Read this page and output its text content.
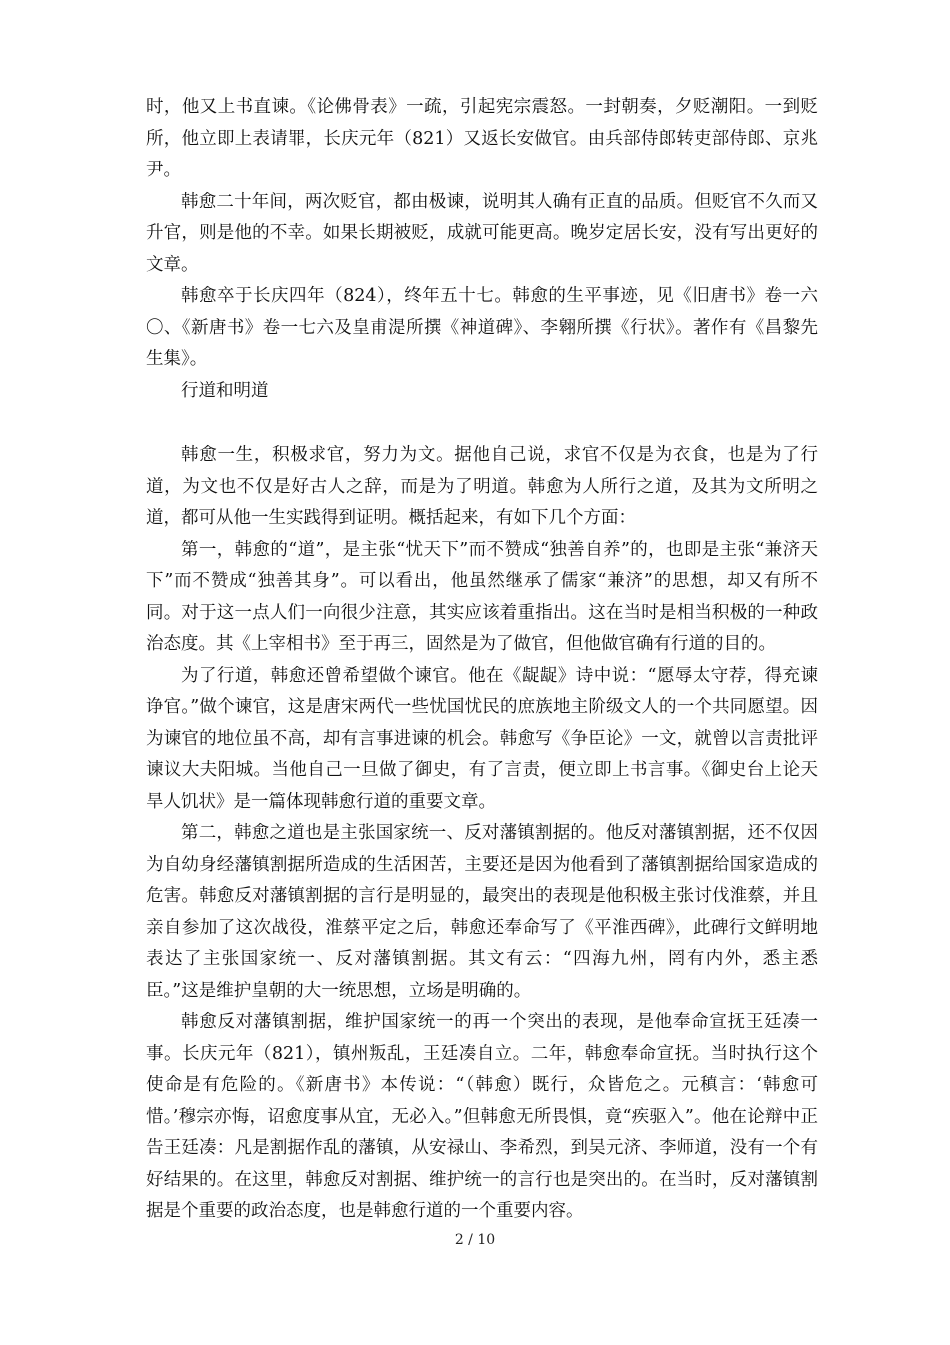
时，他又上书直谏。《论佛骨表》一疏，引起宪宗震怒。一封朝奏，夕贬潮阳。一到贬所，他立即上表请罪，长庆元年（821）又返长安做官。由兵部侍郎转吏部侍郎、京兆尹。

韩愈二十年间，两次贬官，都由极谏，说明其人确有正直的品质。但贬官不久而又升官，则是他的不幸。如果长期被贬，成就可能更高。晚岁定居长安，没有写出更好的文章。

韩愈卒于长庆四年（824），终年五十七。韩愈的生平事迹，见《旧唐书》卷一六〇、《新唐书》卷一七六及皇甫湜所撰《神道碑》、李翱所撰《行状》。著作有《昌黎先生集》。

行道和明道

韩愈一生，积极求官，努力为文。据他自己说，求官不仅是为衣食，也是为了行道，为文也不仅是好古人之辞，而是为了明道。韩愈为人所行之道，及其为文所明之道，都可从他一生实践得到证明。概括起来，有如下几个方面：

第一，韩愈的“道”，是主张“忧天下”而不赞成“独善自养”的，也即是主张“兼济天下”而不赞成“独善其身”。可以看出，他虽然继承了儒家“兼济”的思想，却又有所不同。对于这一点人们一向很少注意，其实应该着重指出。这在当时是相当积极的一种政治态度。其《上宰相书》至于再三，固然是为了做官，但他做官确有行道的目的。

为了行道，韩愈还曾希望做个谏官。他在《龊龊》诗中说：“愿辱太守荐，得充谏诤官。”做个谏官，这是唐宋两代一些忧国忧民的庶族地主阶级文人的一个共同愿望。因为谏官的地位虽不高，却有言事进谏的机会。韩愈写《争臣论》一文，就曾以言责批评谏议大夫阳城。当他自己一旦做了御史，有了言责，便立即上书言事。《御史台上论天旱人饥状》是一篇体现韩愈行道的重要文章。

第二，韩愈之道也是主张国家统一、反对藩镇割据的。他反对藩镇割据，还不仅因为自幼身经藩镇割据所造成的生活困苦，主要还是因为他看到了藩镇割据给国家造成的危害。韩愈反对藩镇割据的言行是明显的，最突出的表现是他积极主张讨伐淮蔡，并且亲自参加了这次战役，淮蔡平定之后，韩愈还奉命写了《平淮西碑》，此碑行文鲜明地表达了主张国家统一、反对藩镇割据。其文有云：“四海九州，罔有内外，悉主悉臣。”这是维护皇朝的大一统思想，立场是明确的。

韩愈反对藩镇割据，维护国家统一的再一个突出的表现，是他奉命宣抚王廷凑一事。长庆元年（821），镇州叛乱，王廷凑自立。二年，韩愈奉命宣抚。当时执行这个使命是有危险的。《新唐书》本传说：“（韩愈）既行，众皆危之。元稹言：‘韩愈可惜。’穆宗亦悔，诏愈度事从宜，无必入。”但韩愈无所畏惧，竟“疾驱入”。他在论辩中正告王廷凑：凡是割据作乱的藩镇，从安禄山、李希烈，到吴元济、李师道，没有一个有好结果的。在这里，韩愈反对割据、维护统一的言行也是突出的。在当时，反对藩镇割据是个重要的政治态度，也是韩愈行道的一个重要内容。

2 / 10
